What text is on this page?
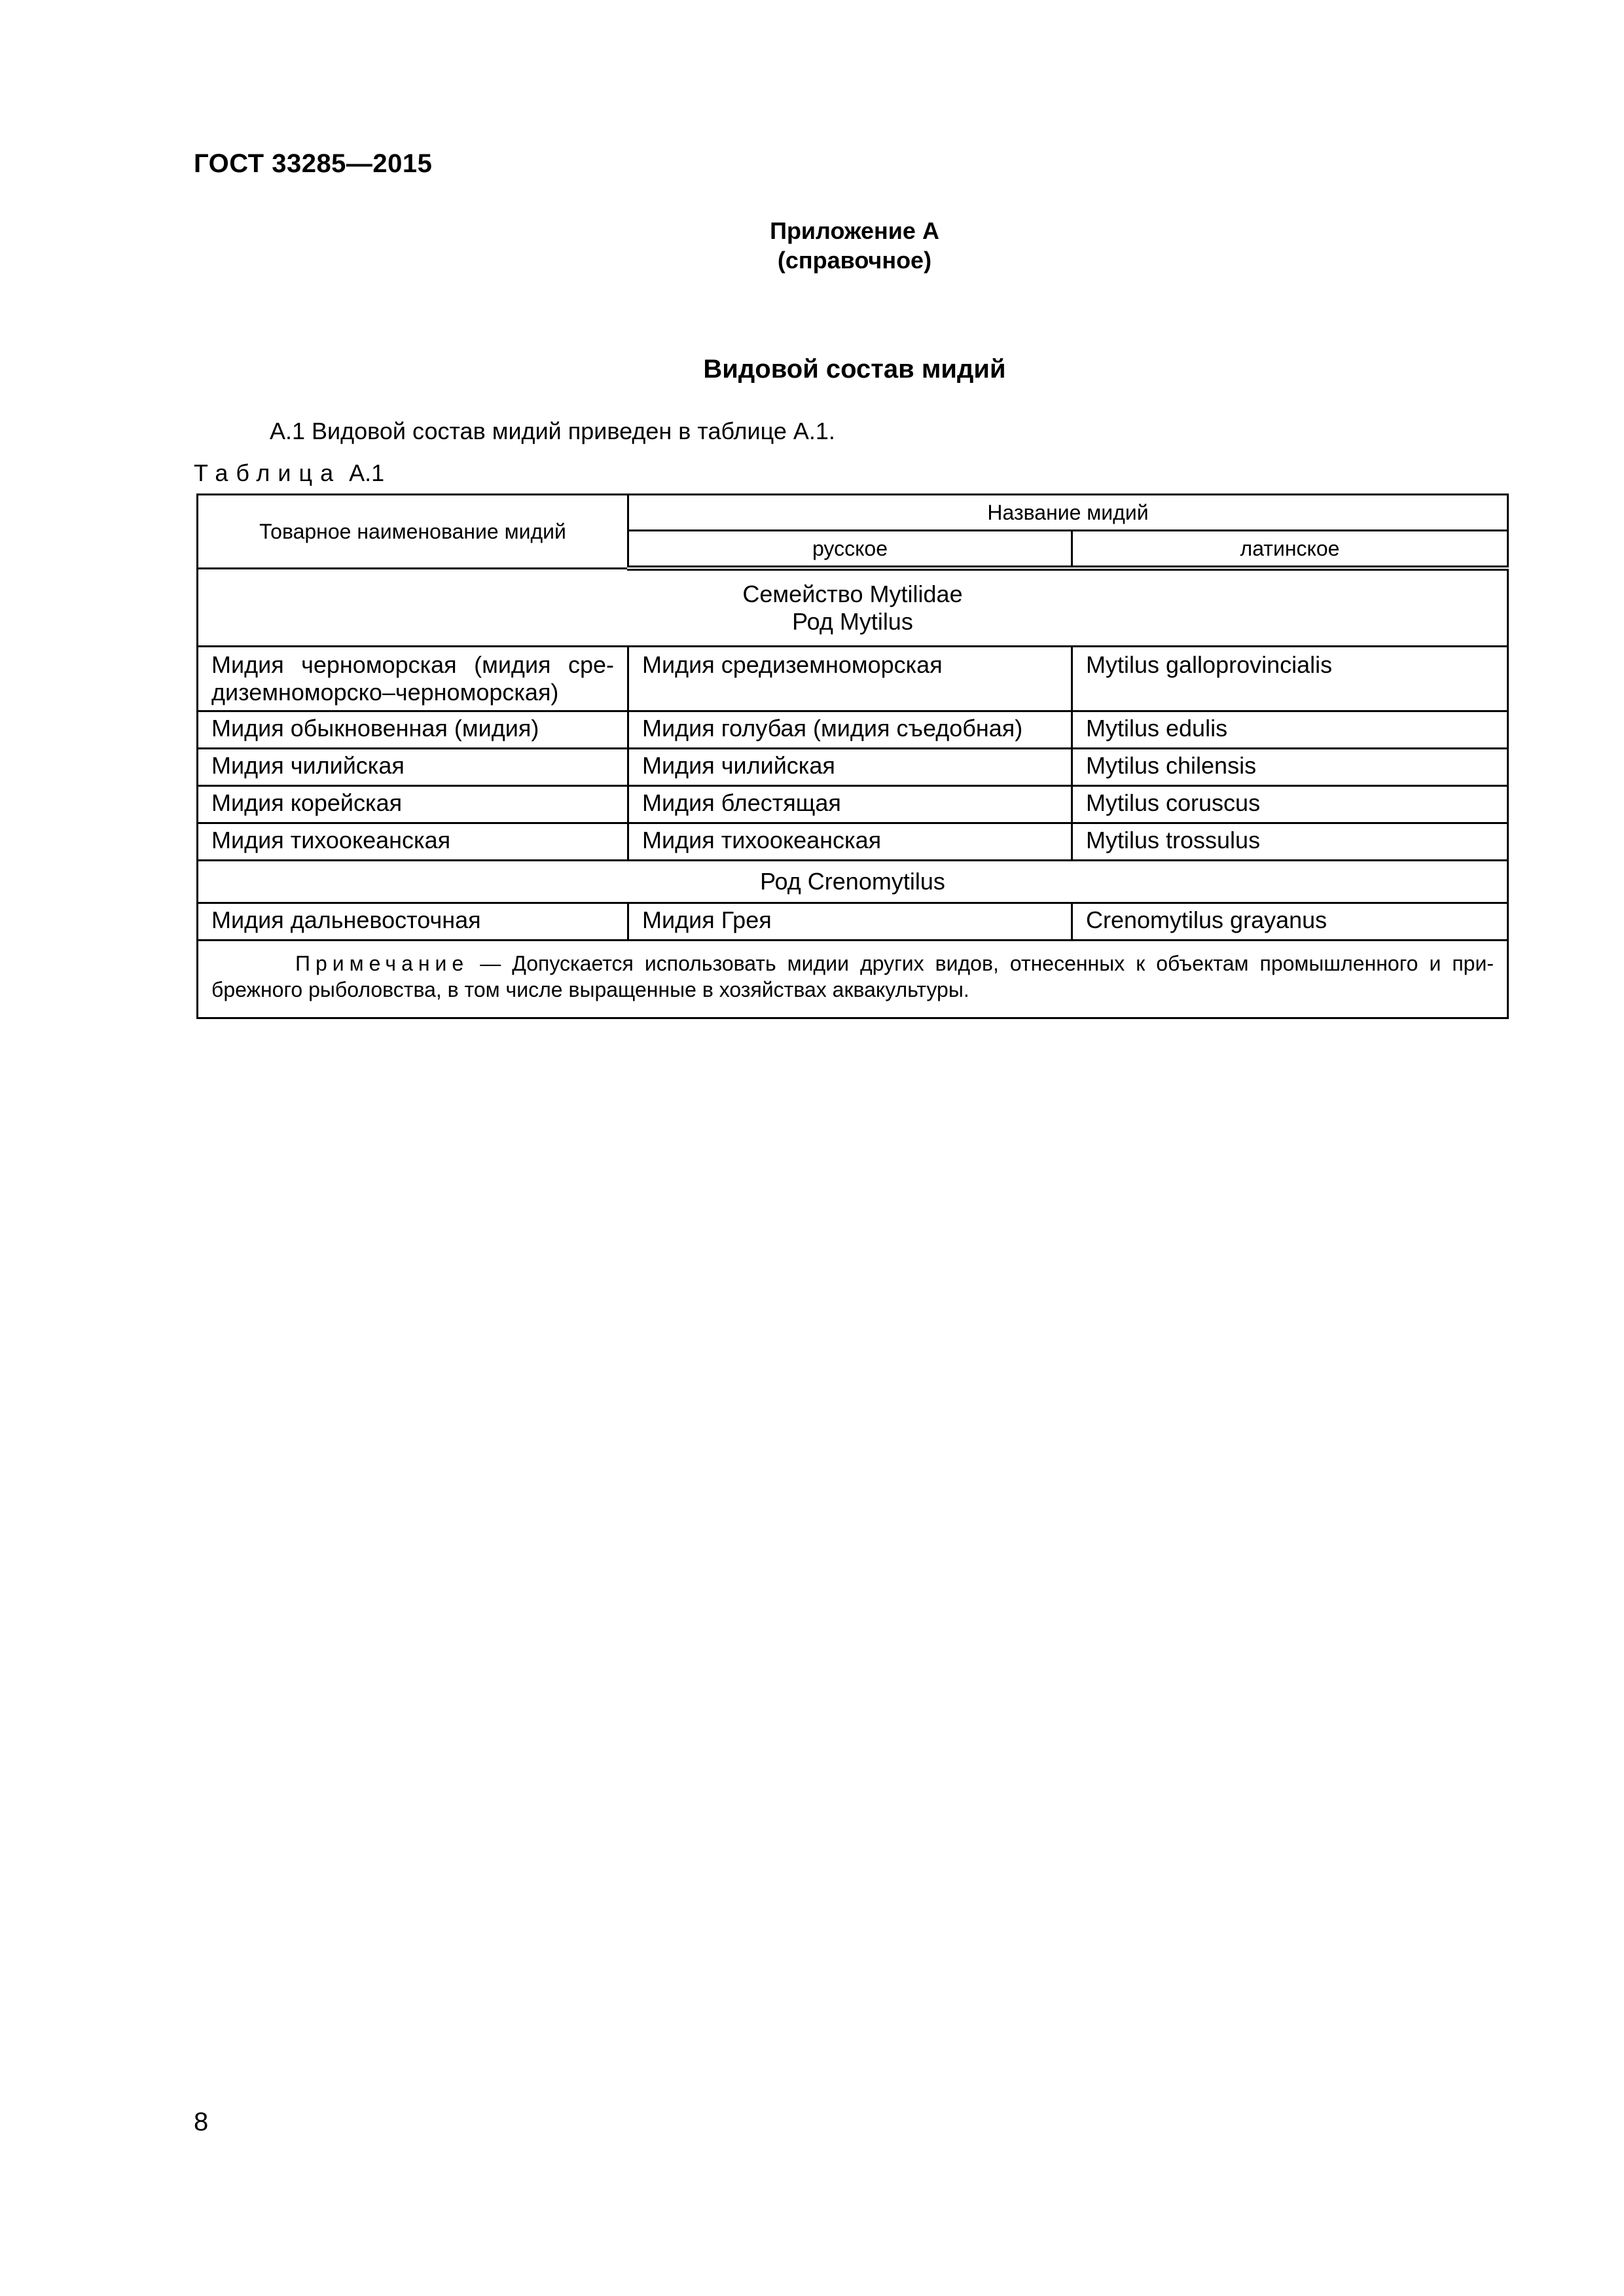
ГОСТ 33285—2015
Приложение А
(справочное)
Видовой состав мидий
А.1 Видовой состав мидий приведен в таблице А.1.
Таблица А.1
Товарное наименование мидий	Название мидий	
	русское	латинское

Семейство Mytilidae
Род Mytilus		

Мидия черноморская (мидия средиземноморско–черноморская)	Мидия средиземноморская	Mytilus galloprovincialis
Мидия обыкновенная (мидия)	Мидия голубая (мидия съедобная)	Mytilus edulis
Мидия чилийская	Мидия чилийская	Mytilus chilensis
Мидия корейская	Мидия блестящая	Mytilus coruscus
Мидия тихоокеанская	Мидия тихоокеанская	Mytilus trossulus
Род Crenomytilus		
Мидия дальневосточная	Мидия Грея	Crenomytilus grayanus
Примечание — Допускается использовать мидии других видов, отнесенных к объектам промышленного и прибрежного рыболовства, в том числе выращенные в хозяйствах аквакультуры.		
8
